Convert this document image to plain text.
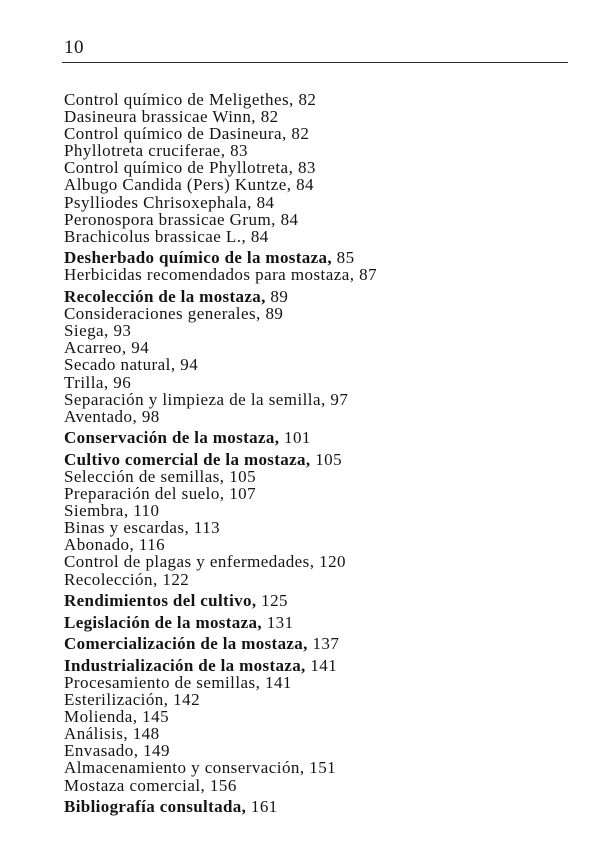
10
Control químico de Meligethes, 82
Dasineura brassicae Winn, 82
Control químico de Dasineura, 82
Phyllotreta cruciferae, 83
Control químico de Phyllotreta, 83
Albugo Candida (Pers) Kuntze, 84
Psylliodes Chrisoxephala, 84
Peronospora brassicae Grum, 84
Brachicolus brassicae L., 84
Desherbado químico de la mostaza, 85
Herbicidas recomendados para mostaza, 87
Recolección de la mostaza, 89
Consideraciones generales, 89
Siega, 93
Acarreo, 94
Secado natural, 94
Trilla, 96
Separación y limpieza de la semilla, 97
Aventado, 98
Conservación de la mostaza, 101
Cultivo comercial de la mostaza, 105
Selección de semillas, 105
Preparación del suelo, 107
Siembra, 110
Binas y escardas, 113
Abonado, 116
Control de plagas y enfermedades, 120
Recolección, 122
Rendimientos del cultivo, 125
Legislación de la mostaza, 131
Comercialización de la mostaza, 137
Industrialización de la mostaza, 141
Procesamiento de semillas, 141
Esterilización, 142
Molienda, 145
Análisis, 148
Envasado, 149
Almacenamiento y conservación, 151
Mostaza comercial, 156
Bibliografía consultada, 161
